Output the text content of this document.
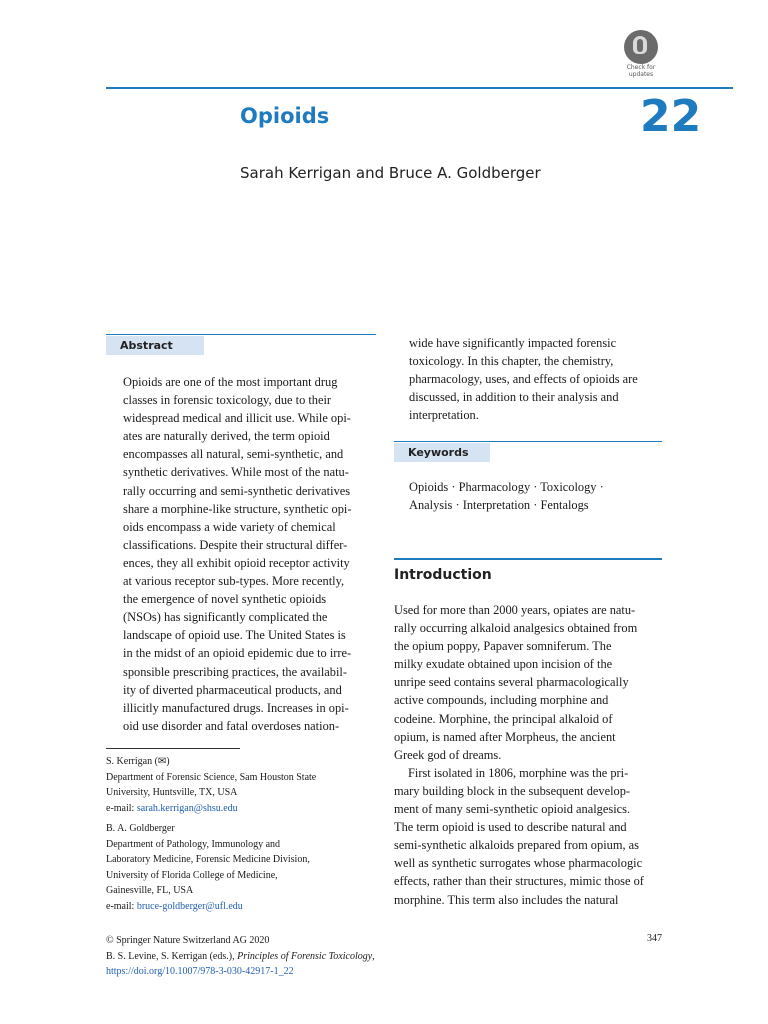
Check for
updates
Opioids	22
Sarah Kerrigan and Bruce A. Goldberger
Abstract

Opioids are one of the most important drug

classes in forensic toxicology, due to their

widespread medical and illicit use. While opi-

ates are naturally derived, the term opioid

encompasses all natural, semi-synthetic, and

synthetic derivatives. While most of the natu-

rally occurring and semi-synthetic derivatives

share a morphine-like structure, synthetic opi-

oids encompass a wide variety of chemical

classifications. Despite their structural differ-

ences, they all exhibit opioid receptor activity

at various receptor sub-types. More recently,

the emergence of novel synthetic opioids

(NSOs) has significantly complicated the

landscape of opioid use. The United States is

in the midst of an opioid epidemic due to irre-

sponsible prescribing practices, the availabil-

ity of diverted pharmaceutical products, and

illicitly manufactured drugs. Increases in opi-

oid use disorder and fatal overdoses nation-

S. Kerrigan (✉)
Department of Forensic Science, Sam Houston State
University, Huntsville, TX, USA
e-mail: sarah.kerrigan@shsu.edu
B. A. Goldberger
Department of Pathology, Immunology and
Laboratory Medicine, Forensic Medicine Division,
University of Florida College of Medicine,
Gainesville, FL, USA
e-mail: bruce-goldberger@ufl.edu

wide have significantly impacted forensic

toxicology. In this chapter, the chemistry,

pharmacology, uses, and effects of opioids are

discussed, in addition to their analysis and

interpretation.

Keywords

Opioids · Pharmacology · Toxicology ·

Analysis · Interpretation · Fentalogs

Introduction

Used for more than 2000 years, opiates are natu-

rally occurring alkaloid analgesics obtained from

the opium poppy, Papaver somniferum. The

milky exudate obtained upon incision of the

unripe seed contains several pharmacologically

active compounds, including morphine and

codeine. Morphine, the principal alkaloid of

opium, is named after Morpheus, the ancient

Greek god of dreams.

First isolated in 1806, morphine was the pri-

mary building block in the subsequent develop-

ment of many semi-synthetic opioid analgesics.

The term opioid is used to describe natural and

semi-synthetic alkaloids prepared from opium, as

well as synthetic surrogates whose pharmacologic

effects, rather than their structures, mimic those of

morphine. This term also includes the natural

© Springer Nature Switzerland AG 2020
B. S. Levine, S. Kerrigan (eds.), Principles of Forensic Toxicology,
https://doi.org/10.1007/978-3-030-42917-1_22
347
